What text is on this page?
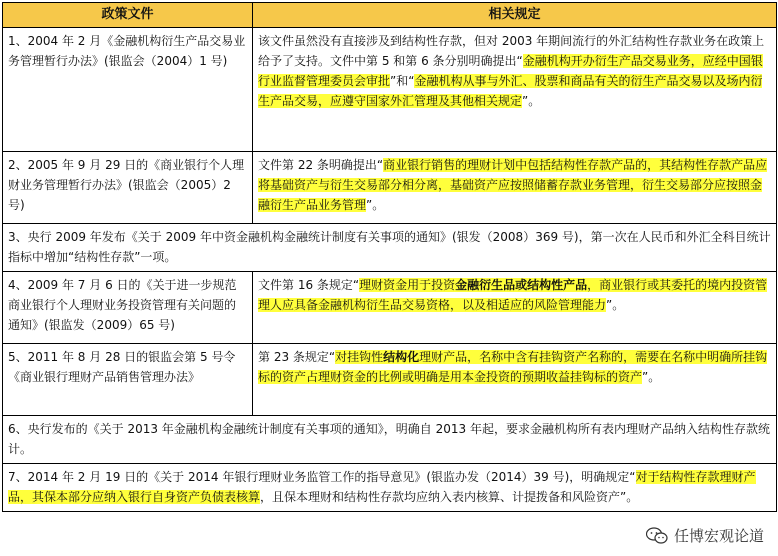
政策文件	相关规定
1、2004 年 2 月《金融机构衍生产品交易业务管理暂行办法》(银监会（2004）1 号)	该文件虽然没有直接涉及到结构性存款，但对 2003 年期间流行的外汇结构性存款业务在政策上给予了支持。文件中第 5 和第 6 条分别明确提出“金融机构开办衍生产品交易业务，应经中国银行业监督管理委员会审批”和“金融机构从事与外汇、股票和商品有关的衍生产品交易以及场内衍生产品交易，应遵守国家外汇管理及其他相关规定”。
2、2005 年 9 月 29 日的《商业银行个人理财业务管理暂行办法》(银监会（2005）2 号)	文件第 22 条明确提出“商业银行销售的理财计划中包括结构性存款产品的，其结构性存款产品应将基础资产与衍生交易部分相分离，基础资产应按照储蓄存款业务管理，衍生交易部分应按照金融衍生产品业务管理”。
3、央行 2009 年发布《关于 2009 年中资金融机构金融统计制度有关事项的通知》(银发（2008）369 号)，第一次在人民币和外汇全科目统计指标中增加“结构性存款”一项。	
4、2009 年 7 月 6 日的《关于进一步规范商业银行个人理财业务投资管理有关问题的通知》(银监发（2009）65 号)	文件第 16 条规定“理财资金用于投资金融衍生品或结构性产品，商业银行或其委托的境内投资管理人应具备金融机构衍生品交易资格，以及相适应的风险管理能力”。
5、2011 年 8 月 28 日的银监会第 5 号令《商业银行理财产品销售管理办法》	第 23 条规定“对挂钩性结构化理财产品，名称中含有挂钩资产名称的，需要在名称中明确所挂钩标的资产占理财资金的比例或明确是用本金投资的预期收益挂钩标的资产”。
6、央行发布的《关于 2013 年金融机构金融统计制度有关事项的通知》，明确自 2013 年起，要求金融机构所有表内理财产品纳入结构性存款统计。	
7、2014 年 2 月 19 日的《关于 2014 年银行理财业务监管工作的指导意见》(银监办发（2014）39 号)，明确规定“对于结构性存款理财产品，其保本部分应纳入银行自身资产负债表核算，且保本理财和结构性存款均应纳入表内核算、计提拨备和风险资产”。	
任博宏观论道
